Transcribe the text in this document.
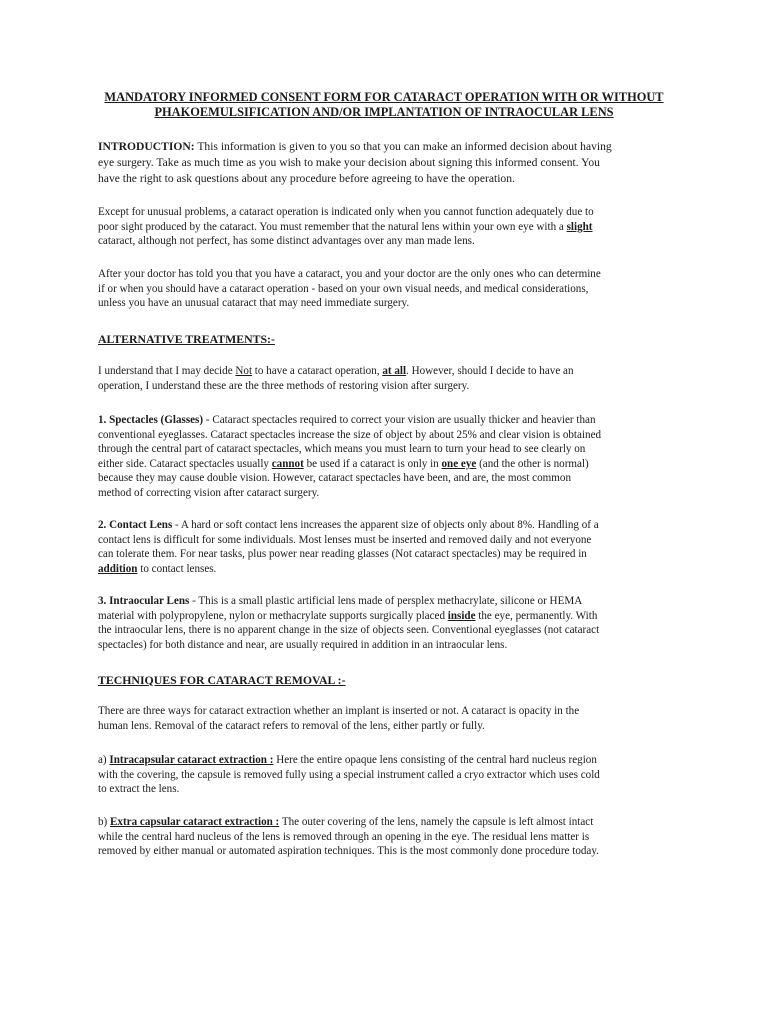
MANDATORY INFORMED CONSENT FORM FOR CATARACT OPERATION WITH OR WITHOUT
PHAKOEMULSIFICATION AND/OR IMPLANTATION OF INTRAOCULAR LENS
INTRODUCTION: This information is given to you so that you can make an informed decision about having
eye surgery. Take as much time as you wish to make your decision about signing this informed consent. You
have the right to ask questions about any procedure before agreeing to have the operation.
Except for unusual problems, a cataract operation is indicated only when you cannot function adequately due to
poor sight produced by the cataract. You must remember that the natural lens within your own eye with a slight
cataract, although not perfect, has some distinct advantages over any man made lens.
After your doctor has told you that you have a cataract, you and your doctor are the only ones who can determine
if or when you should have a cataract operation - based on your own visual needs, and medical considerations,
unless you have an unusual cataract that may need immediate surgery.
ALTERNATIVE TREATMENTS:-
I understand that I may decide Not to have a cataract operation, at all. However, should I decide to have an
operation, I understand these are the three methods of restoring vision after surgery.
1. Spectacles (Glasses) - Cataract spectacles required to correct your vision are usually thicker and heavier than
conventional eyeglasses. Cataract spectacles increase the size of object by about 25% and clear vision is obtained
through the central part of cataract spectacles, which means you must learn to turn your head to see clearly on
either side. Cataract spectacles usually cannot be used if a cataract is only in one eye (and the other is normal)
because they may cause double vision. However, cataract spectacles have been, and are, the most common
method of correcting vision after cataract surgery.
2. Contact Lens - A hard or soft contact lens increases the apparent size of objects only about 8%. Handling of a
contact lens is difficult for some individuals. Most lenses must be inserted and removed daily and not everyone
can tolerate them. For near tasks, plus power near reading glasses (Not cataract spectacles) may be required in
addition to contact lenses.
3. Intraocular Lens - This is a small plastic artificial lens made of persplex methacrylate, silicone or HEMA
material with polypropylene, nylon or methacrylate supports surgically placed inside the eye, permanently. With
the intraocular lens, there is no apparent change in the size of objects seen. Conventional eyeglasses (not cataract
spectacles) for both distance and near, are usually required in addition in an intraocular lens.
TECHNIQUES FOR CATARACT REMOVAL :-
There are three ways for cataract extraction whether an implant is inserted or not. A cataract is opacity in the
human lens. Removal of the cataract refers to removal of the lens, either partly or fully.
a) Intracapsular cataract extraction : Here the entire opaque lens consisting of the central hard nucleus region
with the covering, the capsule is removed fully using a special instrument called a cryo extractor which uses cold
to extract the lens.
b) Extra capsular cataract extraction : The outer covering of the lens, namely the capsule is left almost intact
while the central hard nucleus of the lens is removed through an opening in the eye. The residual lens matter is
removed by either manual or automated aspiration techniques. This is the most commonly done procedure today.
